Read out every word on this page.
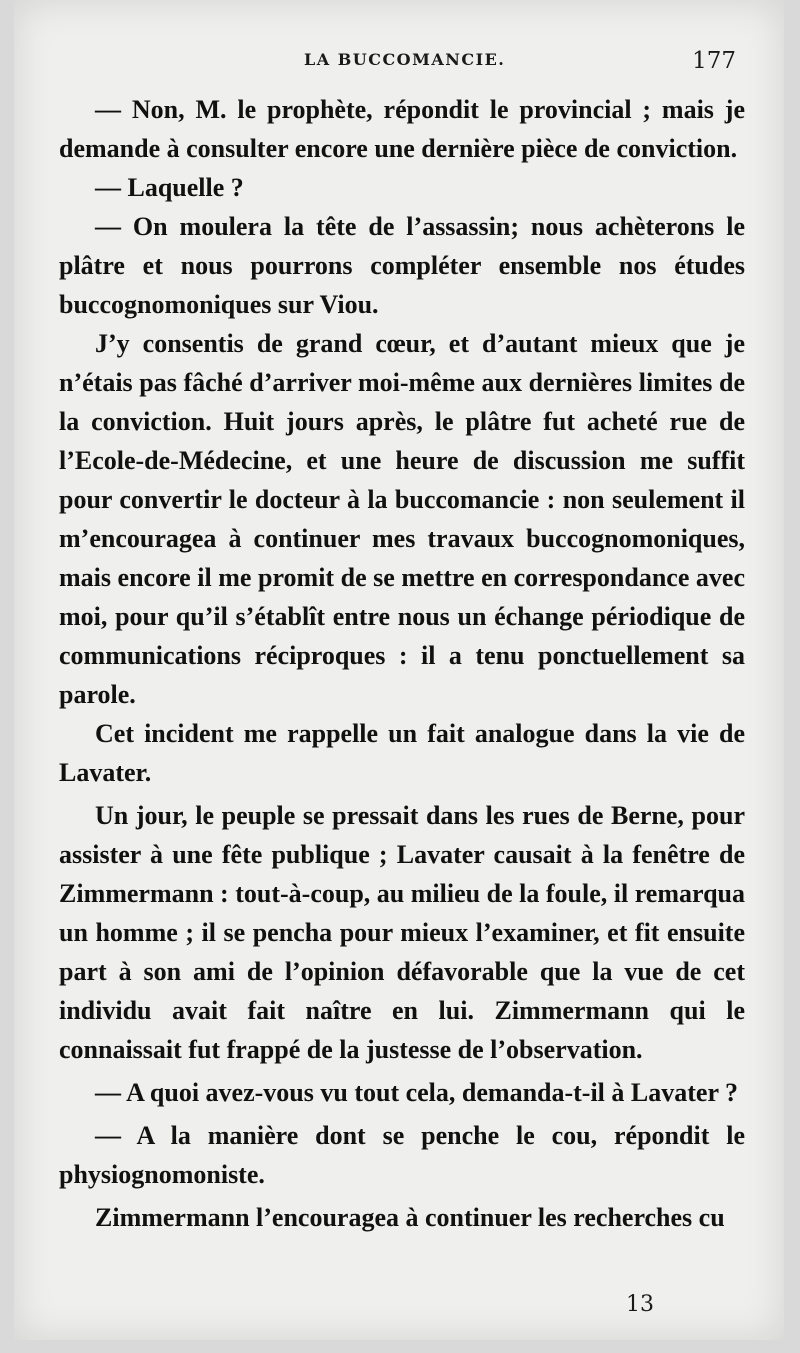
LA BUCCOMANCIE.	177

— Non, M. le prophète, répondit le provincial ; mais je demande à consulter encore une dernière pièce de conviction.

— Laquelle ?

— On moulera la tête de l’assassin; nous achèterons le plâtre et nous pourrons compléter ensemble nos études buccognomoniques sur Viou.

J’y consentis de grand cœur, et d’autant mieux que je n’étais pas fâché d’arriver moi-même aux dernières limites de la conviction. Huit jours après, le plâtre fut acheté rue de l’Ecole-de-Médecine, et une heure de discussion me suffit pour convertir le docteur à la buccomancie : non seulement il m’encouragea à continuer mes travaux buccognomoniques, mais encore il me promit de se mettre en correspondance avec moi, pour qu’il s’établît entre nous un échange périodique de communications réciproques : il a tenu ponctuellement sa parole.

Cet incident me rappelle un fait analogue dans la vie de Lavater.

Un jour, le peuple se pressait dans les rues de Berne, pour assister à une fête publique ; Lavater causait à la fenêtre de Zimmermann : tout-à-coup, au milieu de la foule, il remarqua un homme ; il se pencha pour mieux l’examiner, et fit ensuite part à son ami de l’opinion défavorable que la vue de cet individu avait fait naître en lui. Zimmermann qui le connaissait fut frappé de la justesse de l’observation.

— A quoi avez-vous vu tout cela, demanda-t-il à Lavater ?

— A la manière dont se penche le cou, répondit le physiognomoniste.

Zimmermann l’encouragea à continuer les recherches cu

13
